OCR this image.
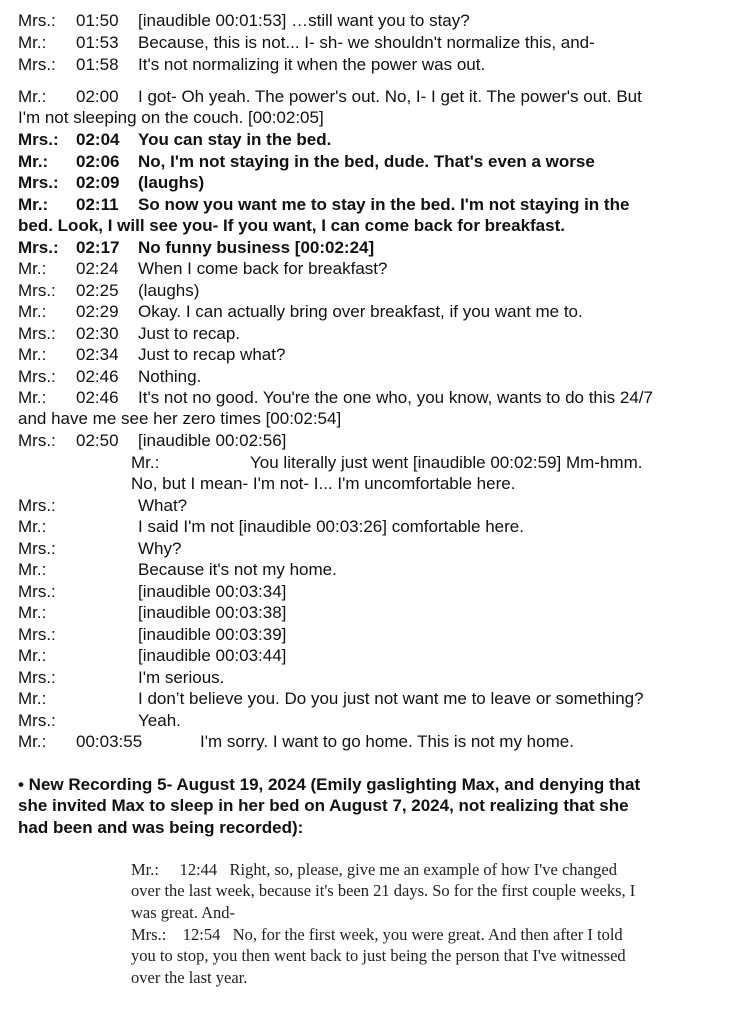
Mrs.: 01:50 [inaudible 00:01:53] …still want you to stay?
Mr.: 01:53 Because, this is not... I- sh- we shouldn't normalize this, and-
Mrs.: 01:58 It's not normalizing it when the power was out.
Mr.: 02:00 I got- Oh yeah. The power's out. No, I- I get it. The power's out. But
I'm not sleeping on the couch. [00:02:05]
Mrs.: 02:04 You can stay in the bed.
Mr.: 02:06 No, I'm not staying in the bed, dude. That's even a worse
Mrs.: 02:09 (laughs)
Mr.: 02:11 So now you want me to stay in the bed. I'm not staying in the
bed. Look, I will see you- If you want, I can come back for breakfast.
Mrs.: 02:17 No funny business [00:02:24]
Mr.: 02:24 When I come back for breakfast?
Mrs.: 02:25 (laughs)
Mr.: 02:29 Okay. I can actually bring over breakfast, if you want me to.
Mrs.: 02:30 Just to recap.
Mr.: 02:34 Just to recap what?
Mrs.: 02:46 Nothing.
Mr.: 02:46 It's not no good. You're the one who, you know, wants to do this 24/7
and have me see her zero times [00:02:54]
Mrs.: 02:50 [inaudible 00:02:56]
Mr.:	You literally just went [inaudible 00:02:59] Mm-hmm.
No, but I mean- I'm not- I... I'm uncomfortable here.
Mrs.:	What?
Mr.:	I said I'm not [inaudible 00:03:26] comfortable here.
Mrs.:	Why?
Mr.:	Because it's not my home.
Mrs.:	[inaudible 00:03:34]
Mr.:	[inaudible 00:03:38]
Mrs.:	[inaudible 00:03:39]
Mr.:	[inaudible 00:03:44]
Mrs.:	I'm serious.
Mr.:	I don’t believe you. Do you just not want me to leave or something?
Mrs.:	Yeah.
Mr.: 00:03:55	I'm sorry. I want to go home. This is not my home.
• New Recording 5- August 19, 2024 (Emily gaslighting Max, and denying that
she invited Max to sleep in her bed on August 7, 2024, not realizing that she
had been and was being recorded):
Mr.:     12:44   Right, so, please, give me an example of how I've changed
over the last week, because it's been 21 days. So for the first couple weeks, I
was great. And-
Mrs.:    12:54   No, for the first week, you were great. And then after I told
you to stop, you then went back to just being the person that I've witnessed
over the last year.
